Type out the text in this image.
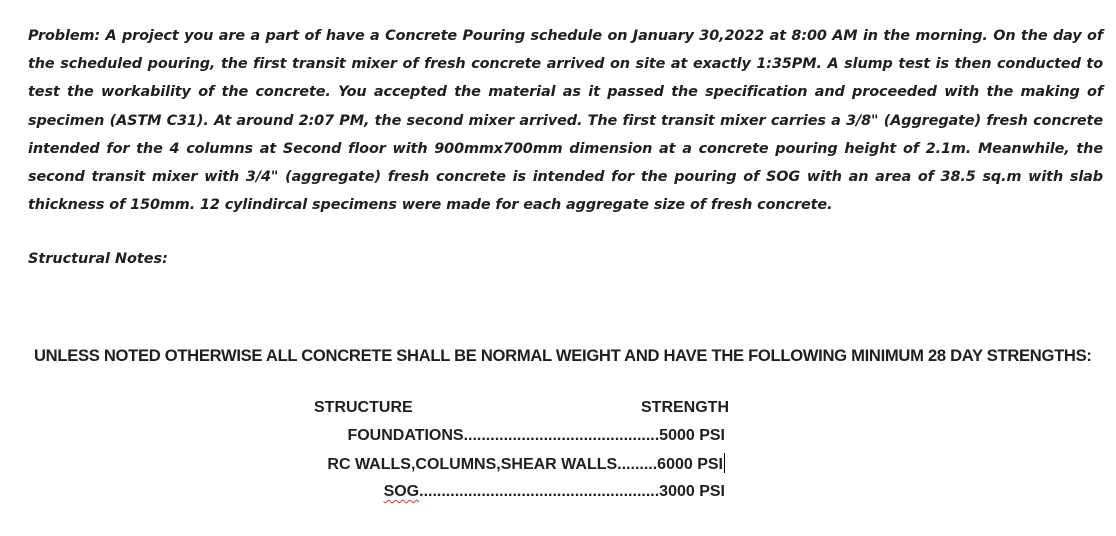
Problem: A project you are a part of have a Concrete Pouring schedule on January 30,2022 at 8:00 AM in the morning. On the day of the scheduled pouring, the first transit mixer of fresh concrete arrived on site at exactly 1:35PM. A slump test is then conducted to test the workability of the concrete. You accepted the material as it passed the specification and proceeded with the making of specimen (ASTM C31). At around 2:07 PM, the second mixer arrived. The first transit mixer carries a 3/8" (Aggregate) fresh concrete intended for the 4 columns at Second floor with 900mmx700mm dimension at a concrete pouring height of 2.1m. Meanwhile, the second transit mixer with 3/4" (aggregate) fresh concrete is intended for the pouring of SOG with an area of 38.5 sq.m with slab thickness of 150mm. 12 cylindircal specimens were made for each aggregate size of fresh concrete.

Structural Notes:

UNLESS NOTED OTHERWISE ALL CONCRETE SHALL BE NORMAL WEIGHT AND HAVE THE FOLLOWING MINIMUM 28 DAY STRENGTHS:

STRUCTURE	STRENGTH
FOUNDATIONS............................................5000 PSI
RC WALLS,COLUMNS,SHEAR WALLS.........6000 PSI
SOG......................................................3000 PSI
